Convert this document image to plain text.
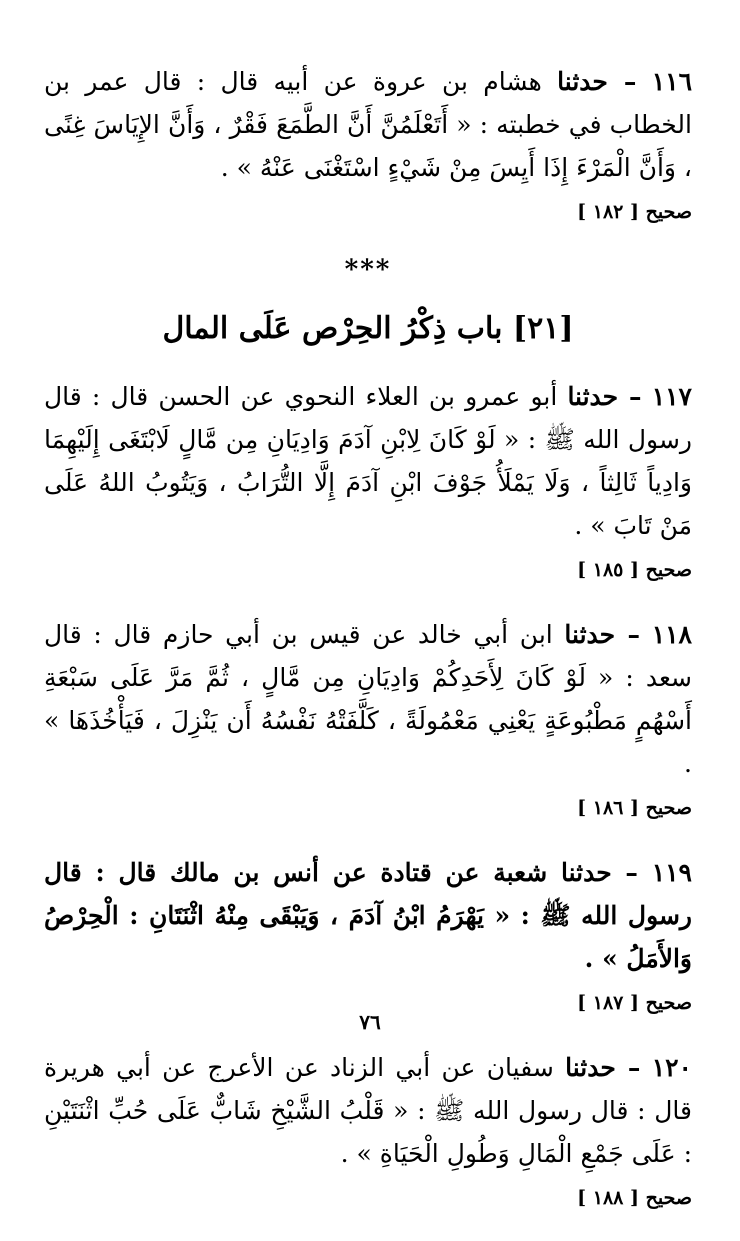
١١٦ – حدثنا هشام بن عروة عن أبيه قال : قال عمر بن الخطاب في خطبته : « أَتَعْلَمُنَّ أَنَّ الطَّمَعَ فَقْرٌ ، وَأَنَّ الإِيَاسَ غِنًى ، وَأَنَّ الْمَرْءَ إِذَا أَيِسَ مِنْ شَيْءٍ اسْتَغْنَى عَنْهُ » .

صحيح [ ١٨٢ ]
***
[٢١] باب ذِكْرُ الحِرْص عَلَى المال

١١٧ – حدثنا أبو عمرو بن العلاء النحوي عن الحسن قال : قال رسول الله ﷺ : « لَوْ كَانَ لِابْنِ آدَمَ وَادِيَانِ مِن مَّالٍ لَابْتَغَى إِلَيْهِمَا وَادِياً ثَالِثاً ، وَلَا يَمْلَأُ جَوْفَ ابْنِ آدَمَ إِلَّا التُّرَابُ ، وَيَتُوبُ اللهُ عَلَى مَنْ تَابَ » .

صحيح [ ١٨٥ ]

١١٨ – حدثنا ابن أبي خالد عن قيس بن أبي حازم قال : قال سعد : « لَوْ كَانَ لِأَحَدِكُمْ وَادِيَانِ مِن مَّالٍ ، ثُمَّ مَرَّ عَلَى سَبْعَةِ أَسْهُمٍ مَطْبُوعَةٍ يَعْنِي مَعْمُولَةً ، كَلَّفَتْهُ نَفْسُهُ أَن يَنْزِلَ ، فَيَأْخُذَهَا » .

صحيح [ ١٨٦ ]

١١٩ – حدثنا شعبة عن قتادة عن أنس بن مالك قال : قال رسول الله ﷺ : « يَهْرَمُ ابْنُ آدَمَ ، وَيَبْقَى مِنْهُ اثْنَتَانِ : الْحِرْصُ وَالأَمَلُ » .

صحيح [ ١٨٧ ]

١٢٠ – حدثنا سفيان عن أبي الزناد عن الأعرج عن أبي هريرة قال : قال رسول الله ﷺ : « قَلْبُ الشَّيْخِ شَابٌّ عَلَى حُبِّ اثْنَتَيْنِ : عَلَى جَمْعِ الْمَالِ وَطُولِ الْحَيَاةِ » .

صحيح [ ١٨٨ ]
٧٦
